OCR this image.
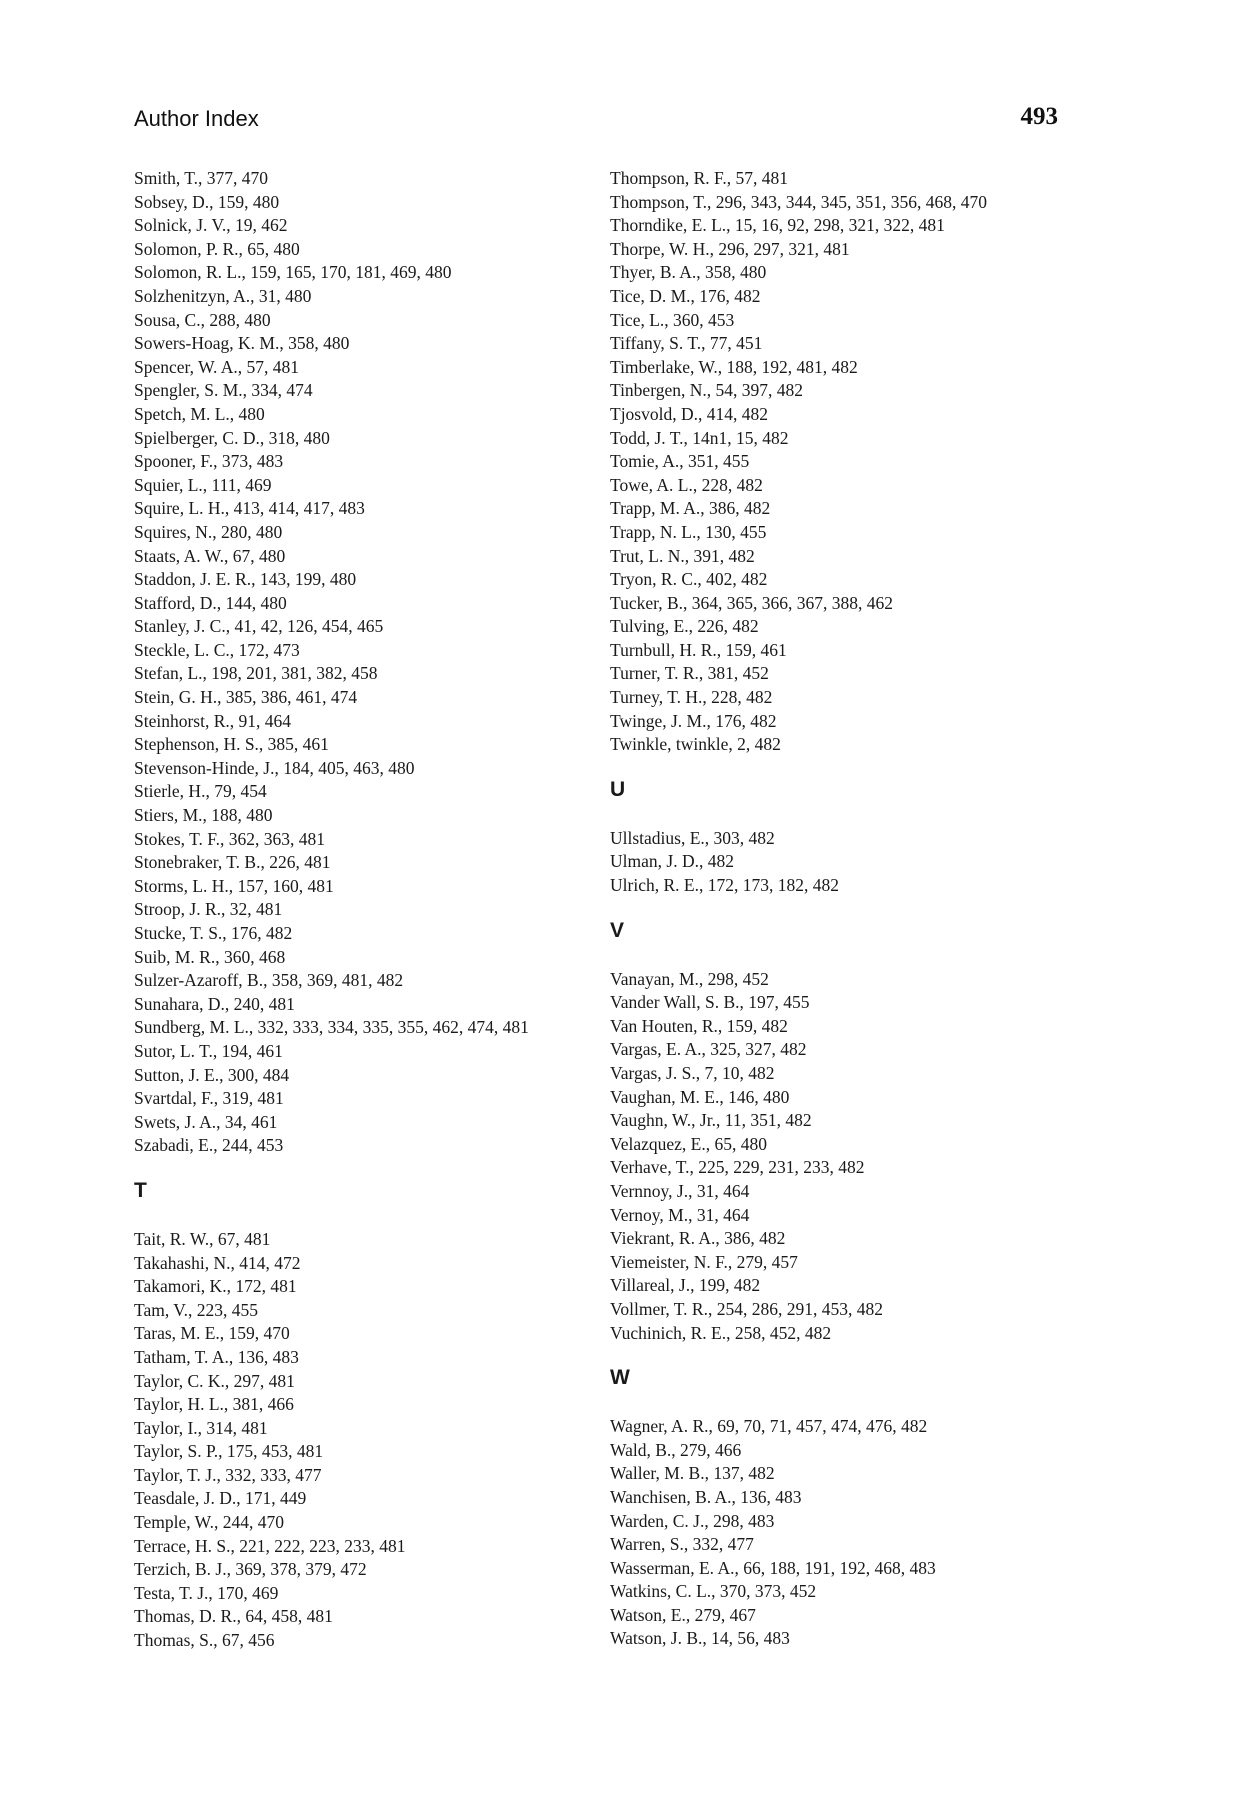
Author Index	493
Smith, T., 377, 470
Sobsey, D., 159, 480
Solnick, J. V., 19, 462
Solomon, P. R., 65, 480
Solomon, R. L., 159, 165, 170, 181, 469, 480
Solzhenitzyn, A., 31, 480
Sousa, C., 288, 480
Sowers-Hoag, K. M., 358, 480
Spencer, W. A., 57, 481
Spengler, S. M., 334, 474
Spetch, M. L., 480
Spielberger, C. D., 318, 480
Spooner, F., 373, 483
Squier, L., 111, 469
Squire, L. H., 413, 414, 417, 483
Squires, N., 280, 480
Staats, A. W., 67, 480
Staddon, J. E. R., 143, 199, 480
Stafford, D., 144, 480
Stanley, J. C., 41, 42, 126, 454, 465
Steckle, L. C., 172, 473
Stefan, L., 198, 201, 381, 382, 458
Stein, G. H., 385, 386, 461, 474
Steinhorst, R., 91, 464
Stephenson, H. S., 385, 461
Stevenson-Hinde, J., 184, 405, 463, 480
Stierle, H., 79, 454
Stiers, M., 188, 480
Stokes, T. F., 362, 363, 481
Stonebraker, T. B., 226, 481
Storms, L. H., 157, 160, 481
Stroop, J. R., 32, 481
Stucke, T. S., 176, 482
Suib, M. R., 360, 468
Sulzer-Azaroff, B., 358, 369, 481, 482
Sunahara, D., 240, 481
Sundberg, M. L., 332, 333, 334, 335, 355, 462, 474, 481
Sutor, L. T., 194, 461
Sutton, J. E., 300, 484
Svartdal, F., 319, 481
Swets, J. A., 34, 461
Szabadi, E., 244, 453
T
Tait, R. W., 67, 481
Takahashi, N., 414, 472
Takamori, K., 172, 481
Tam, V., 223, 455
Taras, M. E., 159, 470
Tatham, T. A., 136, 483
Taylor, C. K., 297, 481
Taylor, H. L., 381, 466
Taylor, I., 314, 481
Taylor, S. P., 175, 453, 481
Taylor, T. J., 332, 333, 477
Teasdale, J. D., 171, 449
Temple, W., 244, 470
Terrace, H. S., 221, 222, 223, 233, 481
Terzich, B. J., 369, 378, 379, 472
Testa, T. J., 170, 469
Thomas, D. R., 64, 458, 481
Thomas, S., 67, 456
Thompson, R. F., 57, 481
Thompson, T., 296, 343, 344, 345, 351, 356, 468, 470
Thorndike, E. L., 15, 16, 92, 298, 321, 322, 481
Thorpe, W. H., 296, 297, 321, 481
Thyer, B. A., 358, 480
Tice, D. M., 176, 482
Tice, L., 360, 453
Tiffany, S. T., 77, 451
Timberlake, W., 188, 192, 481, 482
Tinbergen, N., 54, 397, 482
Tjosvold, D., 414, 482
Todd, J. T., 14n1, 15, 482
Tomie, A., 351, 455
Towe, A. L., 228, 482
Trapp, M. A., 386, 482
Trapp, N. L., 130, 455
Trut, L. N., 391, 482
Tryon, R. C., 402, 482
Tucker, B., 364, 365, 366, 367, 388, 462
Tulving, E., 226, 482
Turnbull, H. R., 159, 461
Turner, T. R., 381, 452
Turney, T. H., 228, 482
Twinge, J. M., 176, 482
Twinkle, twinkle, 2, 482
U
Ullstadius, E., 303, 482
Ulman, J. D., 482
Ulrich, R. E., 172, 173, 182, 482
V
Vanayan, M., 298, 452
Vander Wall, S. B., 197, 455
Van Houten, R., 159, 482
Vargas, E. A., 325, 327, 482
Vargas, J. S., 7, 10, 482
Vaughan, M. E., 146, 480
Vaughn, W., Jr., 11, 351, 482
Velazquez, E., 65, 480
Verhave, T., 225, 229, 231, 233, 482
Vernnoy, J., 31, 464
Vernoy, M., 31, 464
Viekrant, R. A., 386, 482
Viemeister, N. F., 279, 457
Villareal, J., 199, 482
Vollmer, T. R., 254, 286, 291, 453, 482
Vuchinich, R. E., 258, 452, 482
W
Wagner, A. R., 69, 70, 71, 457, 474, 476, 482
Wald, B., 279, 466
Waller, M. B., 137, 482
Wanchisen, B. A., 136, 483
Warden, C. J., 298, 483
Warren, S., 332, 477
Wasserman, E. A., 66, 188, 191, 192, 468, 483
Watkins, C. L., 370, 373, 452
Watson, E., 279, 467
Watson, J. B., 14, 56, 483
